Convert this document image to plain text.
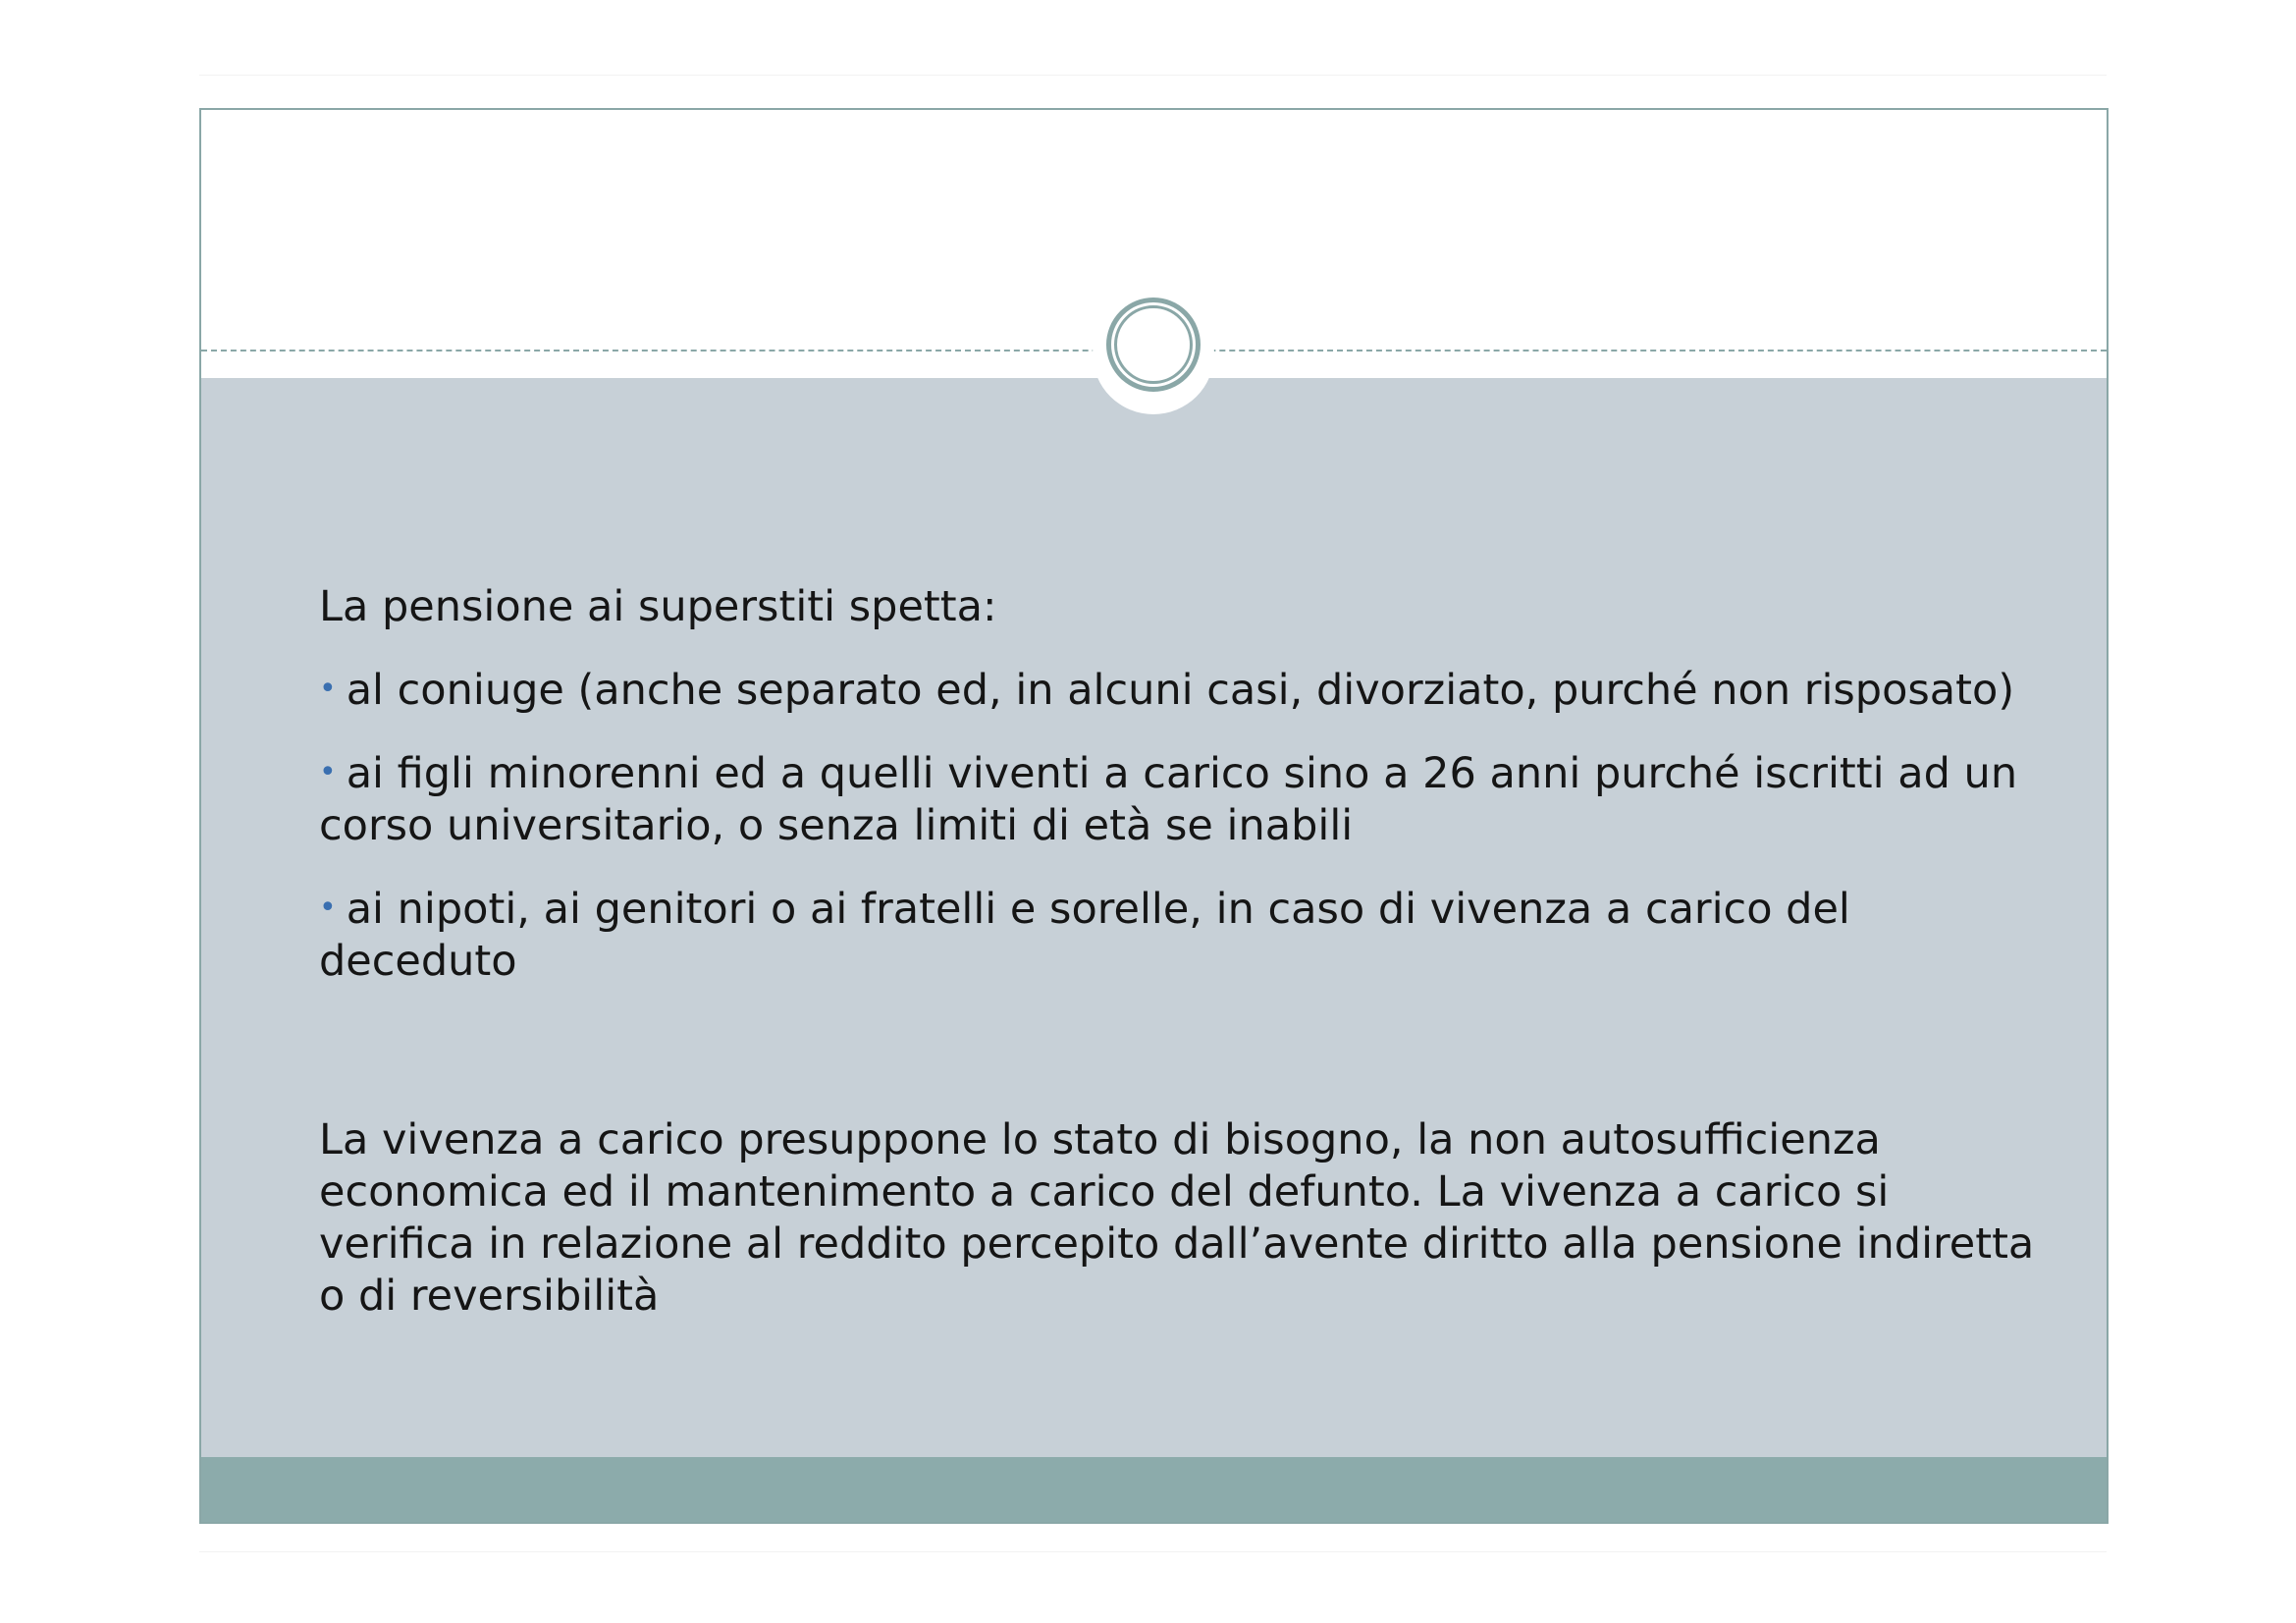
La pensione ai superstiti spetta:

• al coniuge (anche separato ed, in alcuni casi, divorziato, purché non risposato)
• ai figli minorenni ed a quelli viventi a carico sino a 26 anni purché iscritti ad un corso universitario, o senza limiti di età se inabili
• ai nipoti, ai genitori o ai fratelli e sorelle, in caso di vivenza a carico del deceduto

La vivenza a carico presuppone lo stato di bisogno, la non autosufficienza economica ed il mantenimento a carico del defunto. La vivenza a carico si verifica in relazione al reddito percepito dall’avente diritto alla pensione indiretta o di reversibilità
